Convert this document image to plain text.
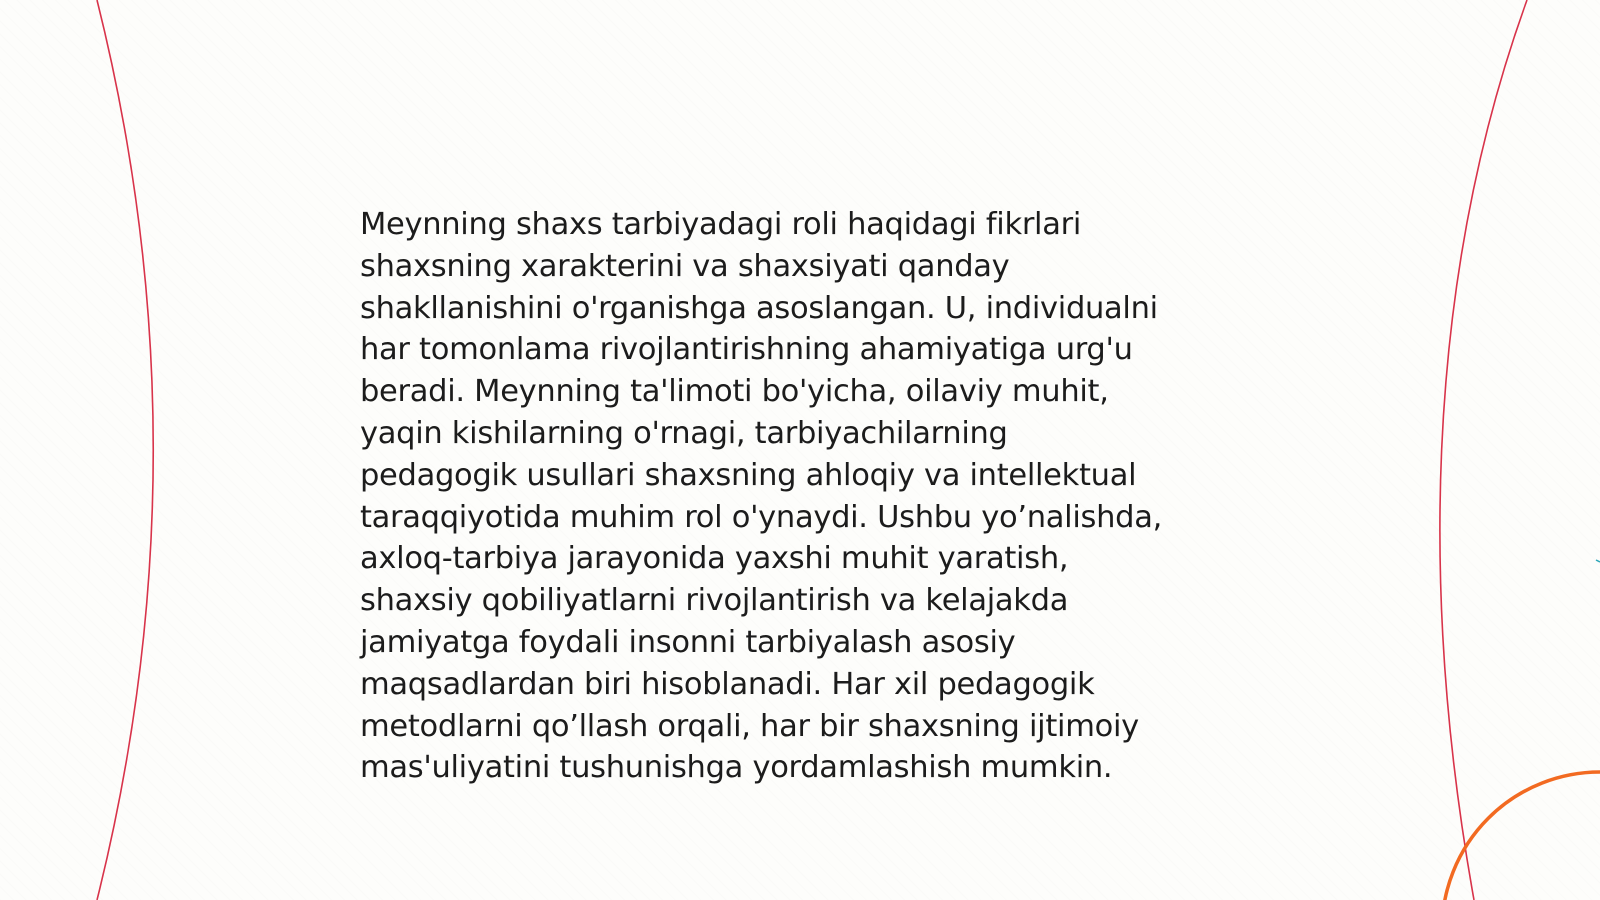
Meynning shaxs tarbiyadagi roli haqidagi fikrlari
shaxsning xarakterini va shaxsiyati qanday
shakllanishini o'rganishga asoslangan. U, individualni
har tomonlama rivojlantirishning ahamiyatiga urg'u
beradi. Meynning ta'limoti bo'yicha, oilaviy muhit,
yaqin kishilarning o'rnagi, tarbiyachilarning
pedagogik usullari shaxsning ahloqiy va intellektual
taraqqiyotida muhim rol o'ynaydi. Ushbu yo’nalishda,
axloq-tarbiya jarayonida yaxshi muhit yaratish,
shaxsiy qobiliyatlarni rivojlantirish va kelajakda
jamiyatga foydali insonni tarbiyalash asosiy
maqsadlardan biri hisoblanadi. Har xil pedagogik
metodlarni qo’llash orqali, har bir shaxsning ijtimoiy
mas'uliyatini tushunishga yordamlashish mumkin.
